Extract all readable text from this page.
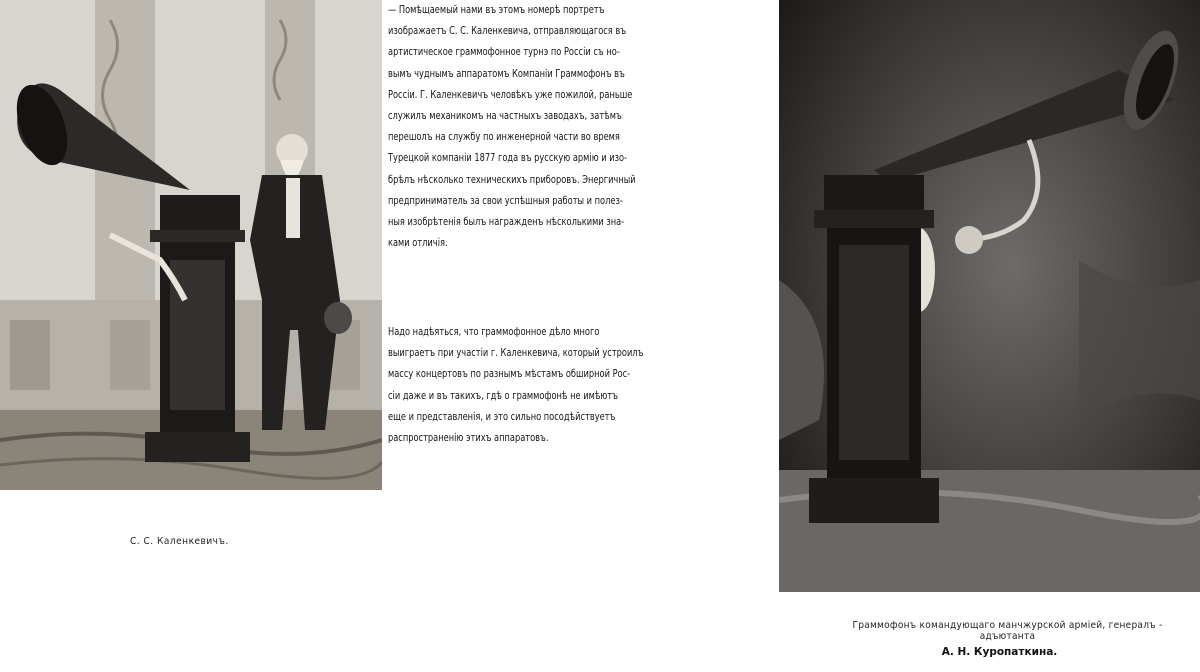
С. С. Каленкевичъ.

— Помѣщаемый нами въ этомъ номерѣ портретъ
изображаетъ С. С. Каленкевича, отправляющагося въ
артистическое граммофонное турнэ по Россіи съ но-
вымъ чуднымъ аппаратомъ Компаніи Граммофонъ въ
Россіи. Г. Каленкевичъ человѣкъ уже пожилой, раньше
служилъ механикомъ на частныхъ заводахъ, затѣмъ
перешолъ на службу по инженерной части во время
Турецкой компаніи 1877 года въ русскую армію и изо-
брѣлъ нѣсколько техническихъ приборовъ. Энергичный
предприниматель за свои успѣшныя работы и полез-
ныя изобрѣтенія былъ награжденъ нѣсколькими зна-
ками отличія.

Надо надѣяться, что граммофонное дѣло много
выиграетъ при участіи г. Каленкевича, который устроилъ
массу концертовъ по разнымъ мѣстамъ обширной Рос-
сіи даже и въ такихъ, гдѣ о граммофонѣ не имѣютъ
еще и представленія, и это сильно посодѣйствуетъ
распространенію этихъ аппаратовъ.

Граммофонъ командующаго манчжурской арміей, генералъ - адъютанта
А. Н. Куропаткина.
